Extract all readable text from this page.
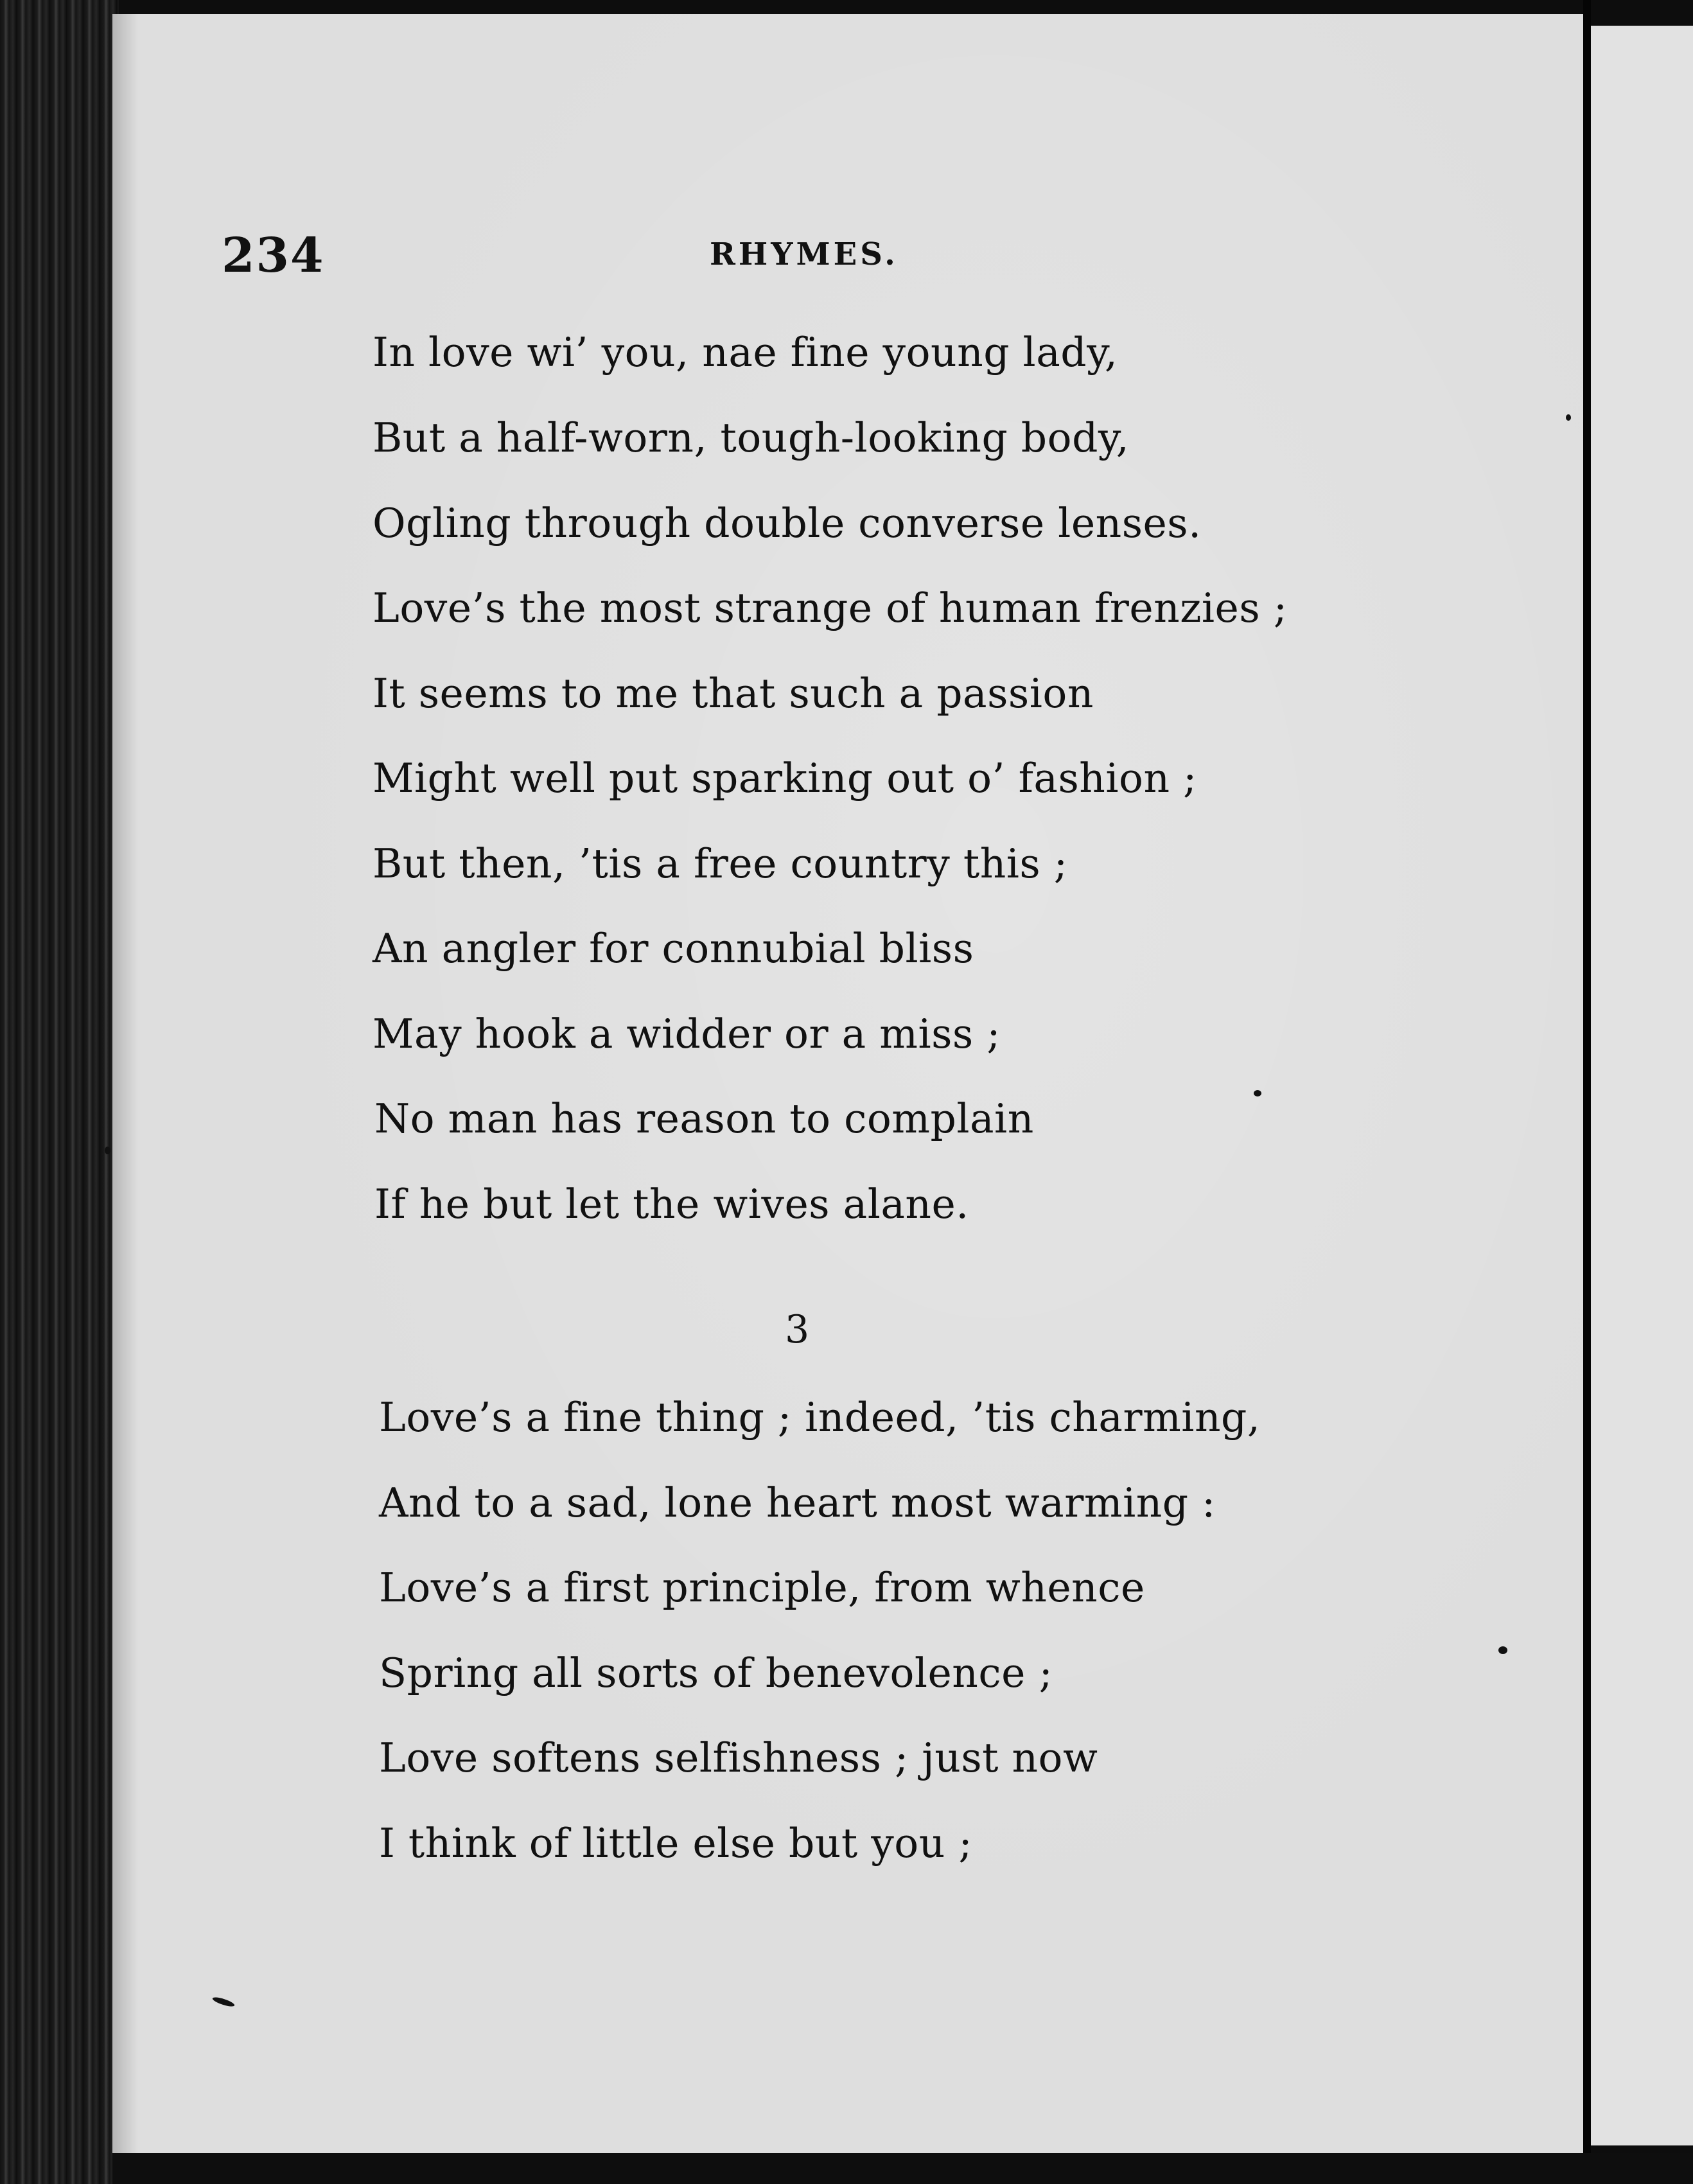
234	RHYMES.
In love wi’ you, nae fine young lady,
But a half-worn, tough-looking body,
Ogling through double converse lenses.
Love’s the most strange of human frenzies ;
It seems to me that such a passion
Might well put sparking out o’ fashion ;
But then, ’tis a free country this ;
An angler for connubial bliss
May hook a widder or a miss ;
No man has reason to complain
If he but let the wives alane.
3
Love’s a fine thing ; indeed, ’tis charming,
And to a sad, lone heart most warming :
Love’s a first principle, from whence
Spring all sorts of benevolence ;
Love softens selfishness ; just now
I think of little else but you ;
